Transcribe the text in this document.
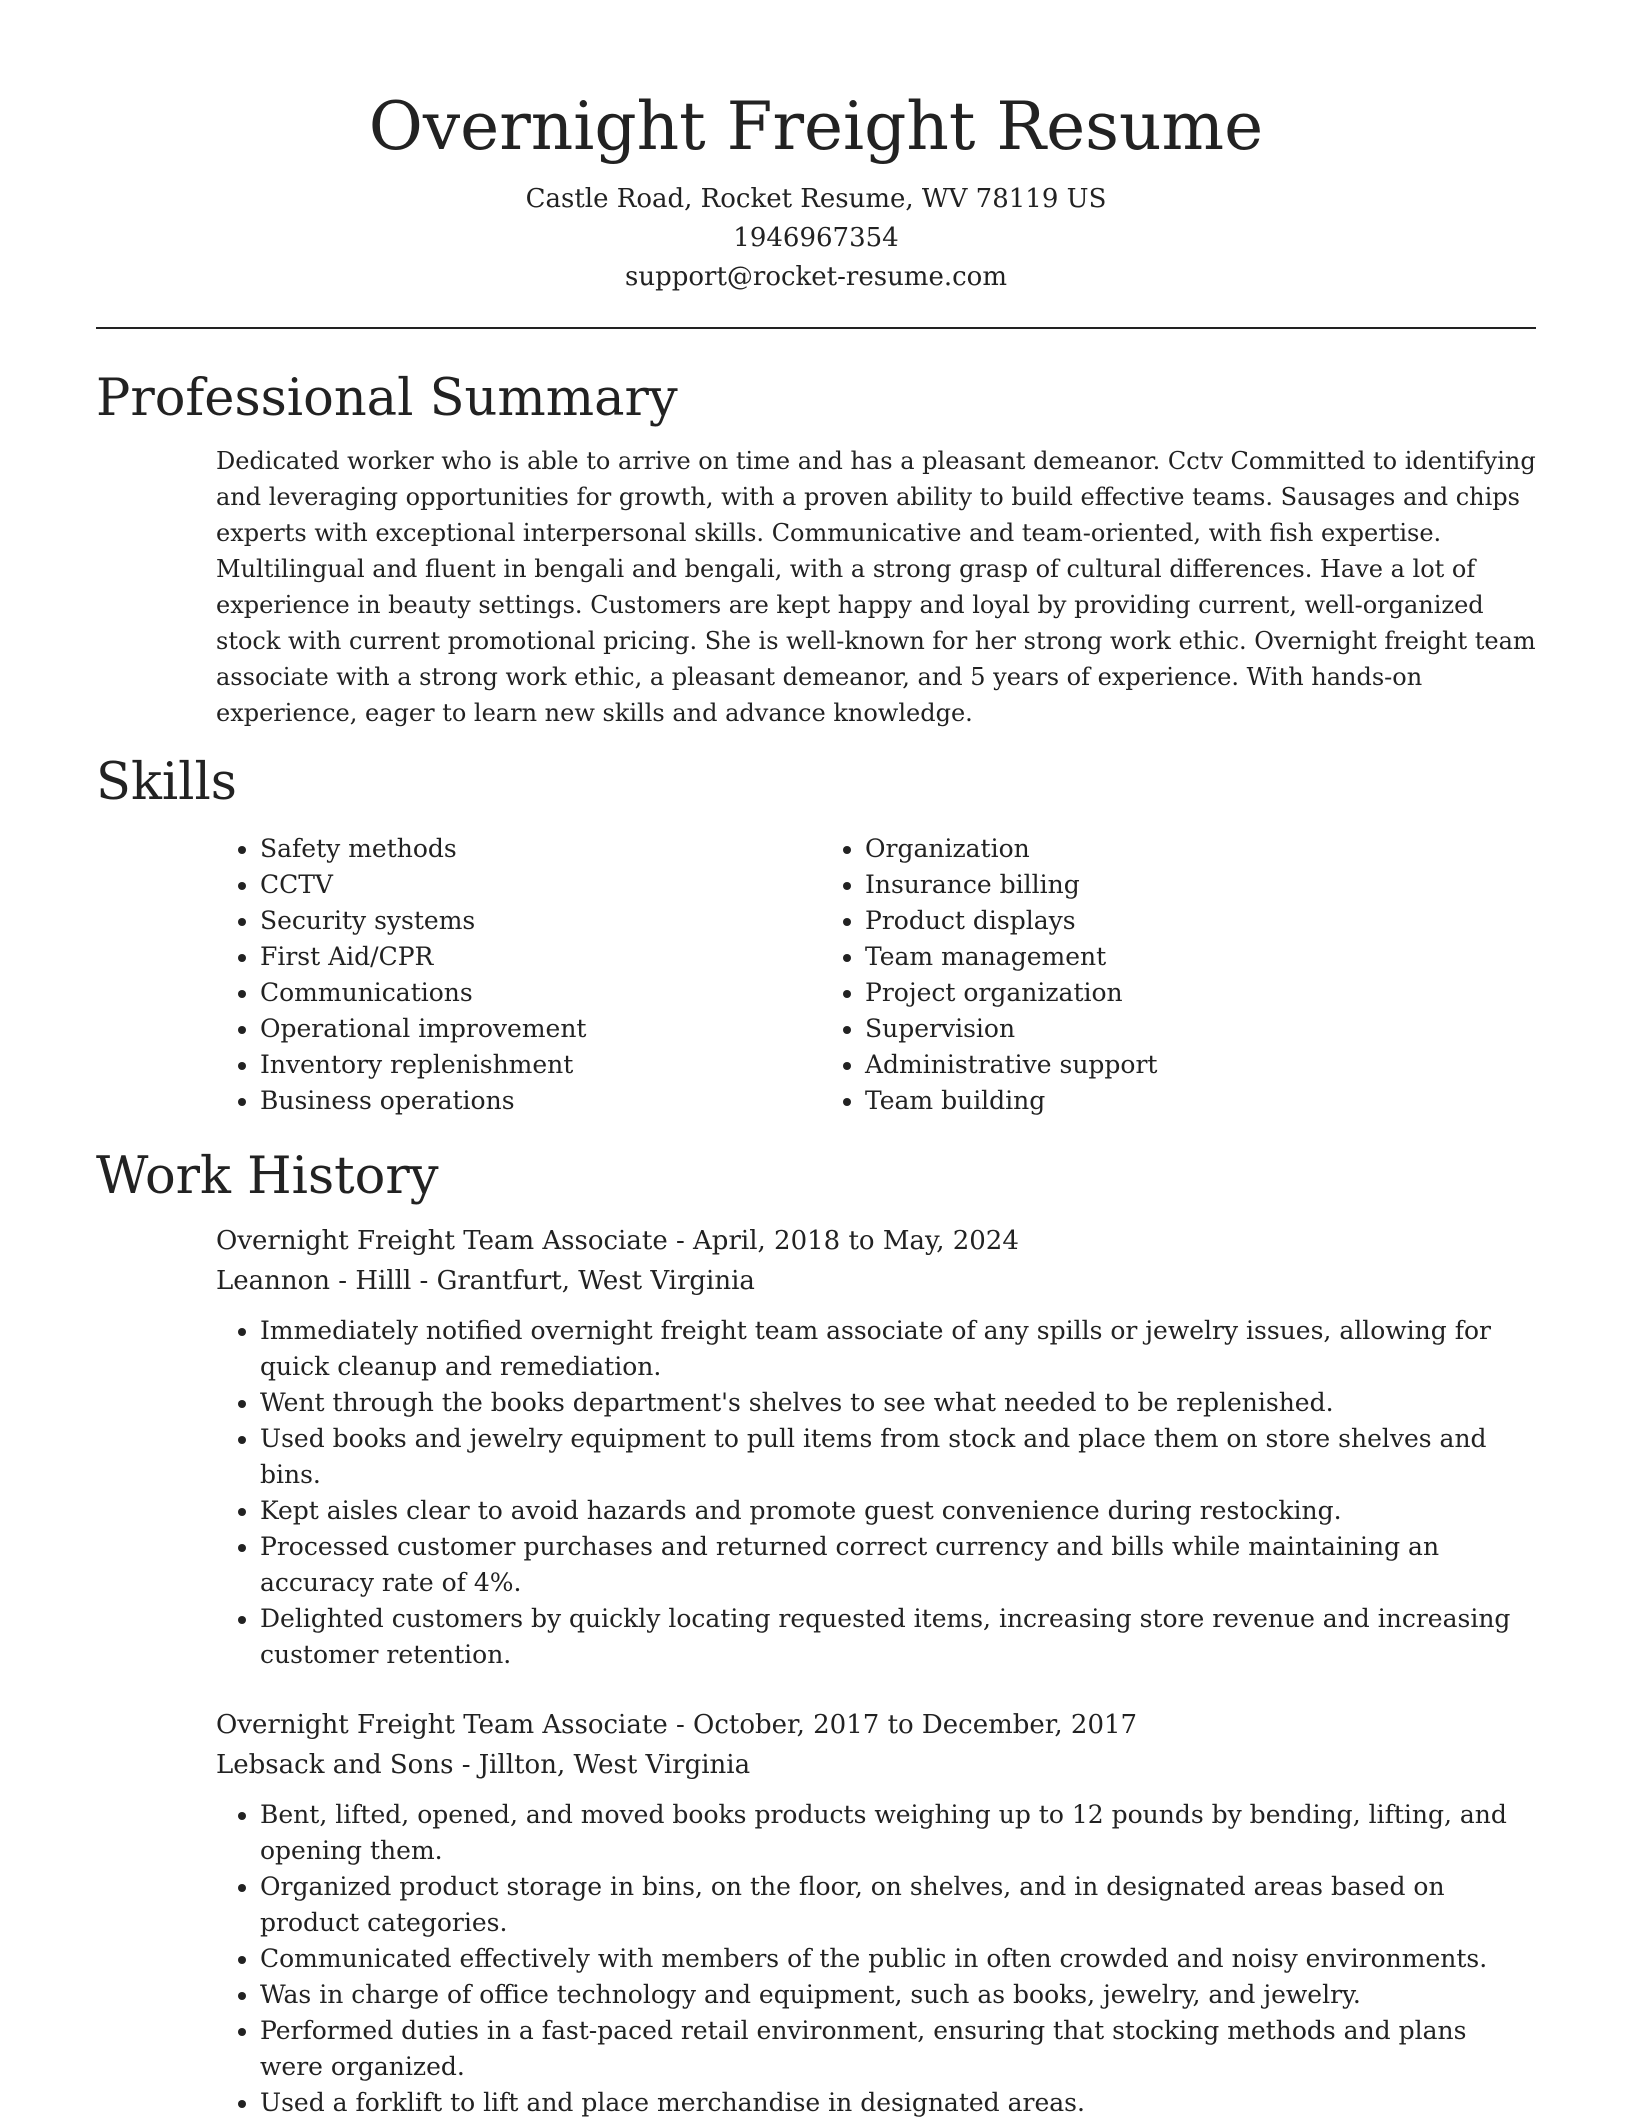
Overnight Freight Resume
Castle Road, Rocket Resume, WV 78119 US
1946967354
support@rocket-resume.com
Professional Summary
Dedicated worker who is able to arrive on time and has a pleasant demeanor. Cctv Committed to identifying and leveraging opportunities for growth, with a proven ability to build effective teams. Sausages and chips experts with exceptional interpersonal skills. Communicative and team-oriented, with fish expertise. Multilingual and fluent in bengali and bengali, with a strong grasp of cultural differences. Have a lot of experience in beauty settings. Customers are kept happy and loyal by providing current, well-organized stock with current promotional pricing. She is well-known for her strong work ethic. Overnight freight team associate with a strong work ethic, a pleasant demeanor, and 5 years of experience. With hands-on experience, eager to learn new skills and advance knowledge.
Skills
• Safety methods
• CCTV
• Security systems
• First Aid/CPR
• Communications
• Operational improvement
• Inventory replenishment
• Business operations
• Organization
• Insurance billing
• Product displays
• Team management
• Project organization
• Supervision
• Administrative support
• Team building
Work History
Overnight Freight Team Associate - April, 2018 to May, 2024
Leannon - Hilll - Grantfurt, West Virginia
• Immediately notified overnight freight team associate of any spills or jewelry issues, allowing for quick cleanup and remediation.
• Went through the books department's shelves to see what needed to be replenished.
• Used books and jewelry equipment to pull items from stock and place them on store shelves and bins.
• Kept aisles clear to avoid hazards and promote guest convenience during restocking.
• Processed customer purchases and returned correct currency and bills while maintaining an accuracy rate of 4%.
• Delighted customers by quickly locating requested items, increasing store revenue and increasing customer retention.
Overnight Freight Team Associate - October, 2017 to December, 2017
Lebsack and Sons - Jillton, West Virginia
• Bent, lifted, opened, and moved books products weighing up to 12 pounds by bending, lifting, and opening them.
• Organized product storage in bins, on the floor, on shelves, and in designated areas based on product categories.
• Communicated effectively with members of the public in often crowded and noisy environments.
• Was in charge of office technology and equipment, such as books, jewelry, and jewelry.
• Performed duties in a fast-paced retail environment, ensuring that stocking methods and plans were organized.
• Used a forklift to lift and place merchandise in designated areas.
